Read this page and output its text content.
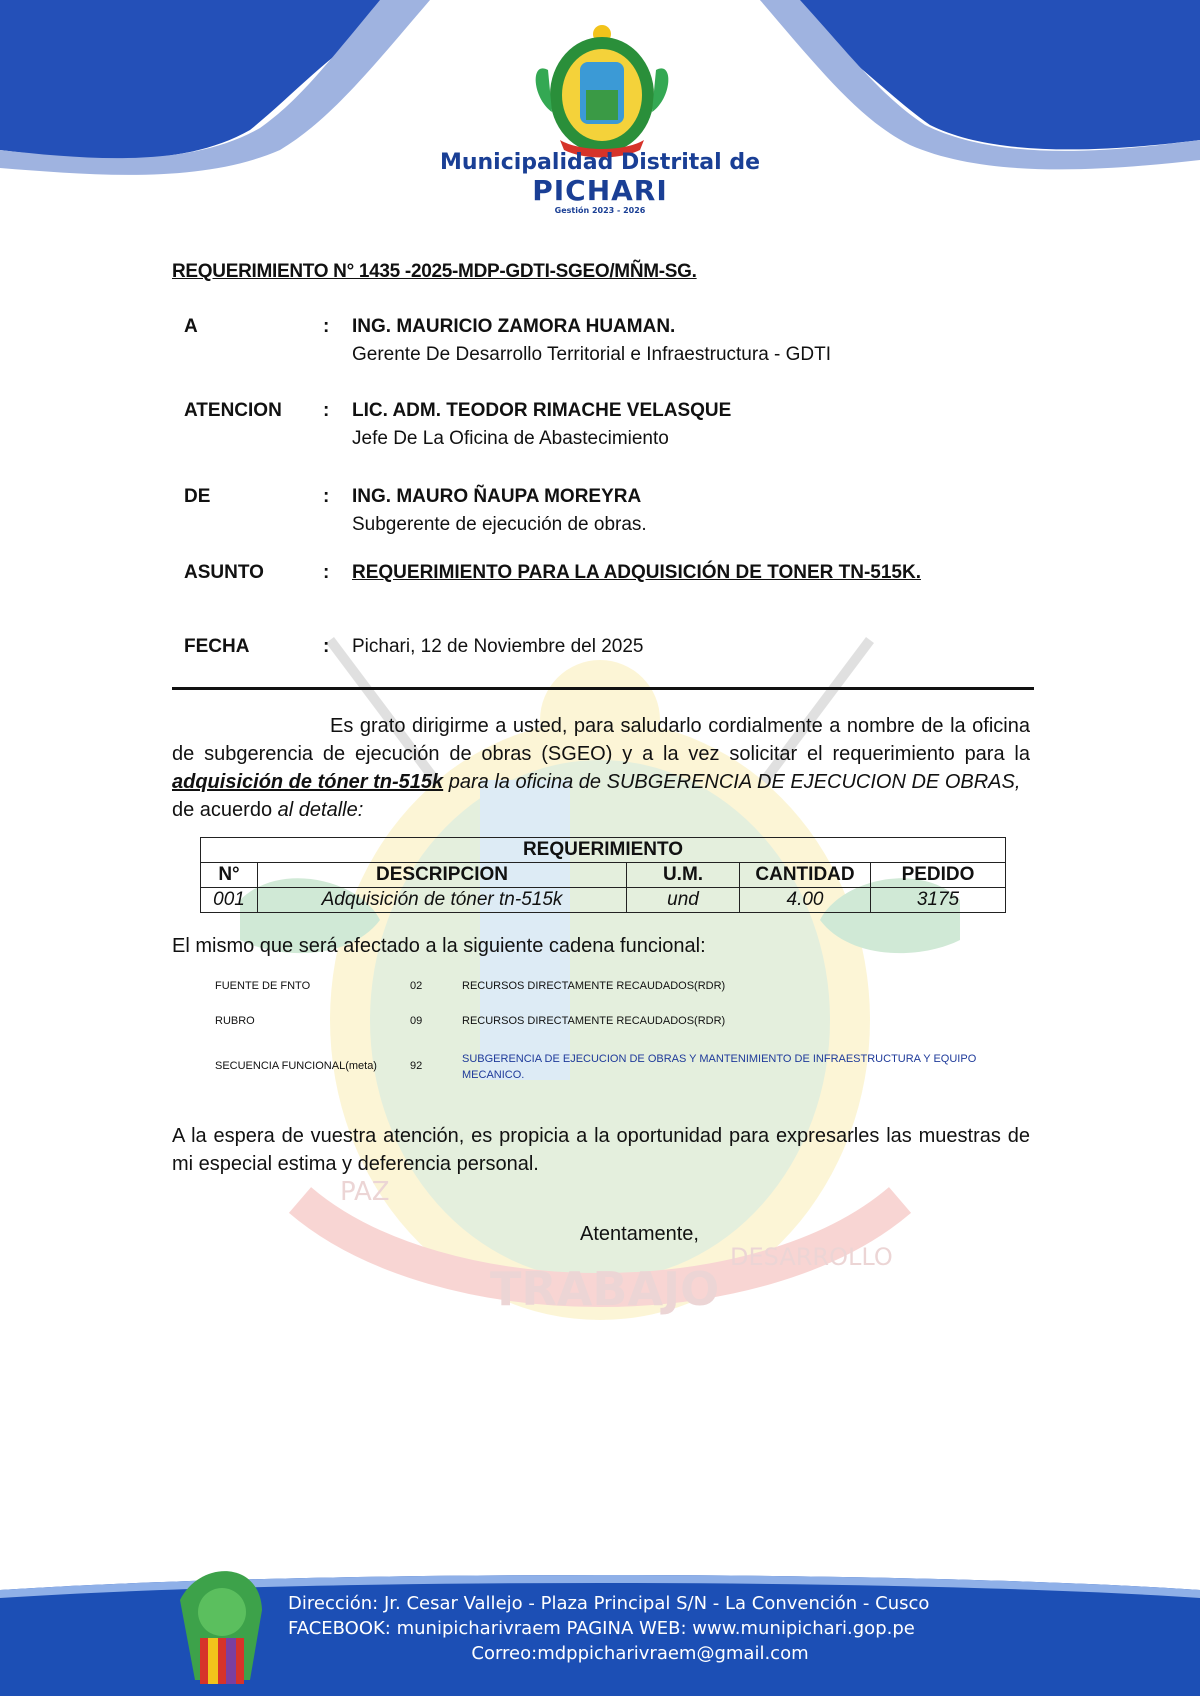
Municipalidad Distrital de
PICHARI
Gestión 2023 - 2026
PAZ
TRABAJO
DESARROLLO
REQUERIMIENTO N° 1435 -2025-MDP-GDTI-SGEO/MÑM-SG.
A	: ING. MAURICIO ZAMORA HUAMAN.
Gerente De Desarrollo Territorial e Infraestructura - GDTI
ATENCION : LIC. ADM. TEODOR RIMACHE VELASQUE
Jefe De La Oficina de Abastecimiento
DE	: ING. MAURO ÑAUPA MOREYRA
Subgerente de ejecución de obras.
ASUNTO	: REQUERIMIENTO PARA LA ADQUISICIÓN DE TONER TN-515K.
FECHA	: Pichari, 12 de Noviembre del 2025
Es grato dirigirme a usted, para saludarlo cordialmente a nombre de la oficina de subgerencia de ejecución de obras (SGEO) y a la vez solicitar el requerimiento para la adquisición de tóner tn-515k para la oficina de SUBGERENCIA DE EJECUCION DE OBRAS,
de acuerdo al detalle:
REQUERIMIENTO				
N°	DESCRIPCION	U.M.	CANTIDAD	PEDIDO
001	Adquisición de tóner tn-515k	und	4.00	3175
El mismo que será afectado a la siguiente cadena funcional:
FUENTE DE FNTO	02	RECURSOS DIRECTAMENTE RECAUDADOS(RDR)
RUBRO	09	RECURSOS DIRECTAMENTE RECAUDADOS(RDR)
SECUENCIA FUNCIONAL(meta)	92
SUBGERENCIA DE EJECUCION DE OBRAS Y MANTENIMIENTO DE INFRAESTRUCTURA Y EQUIPO MECANICO.
A la espera de vuestra atención, es propicia a la oportunidad para expresarles las muestras de mi especial estima y deferencia personal.
Atentamente,
Dirección: Jr. Cesar Vallejo - Plaza Principal S/N - La Convención - Cusco
FACEBOOK: munipicharivraem PAGINA WEB: www.munipichari.gop.pe
Correo:mdppicharivraem@gmail.com
